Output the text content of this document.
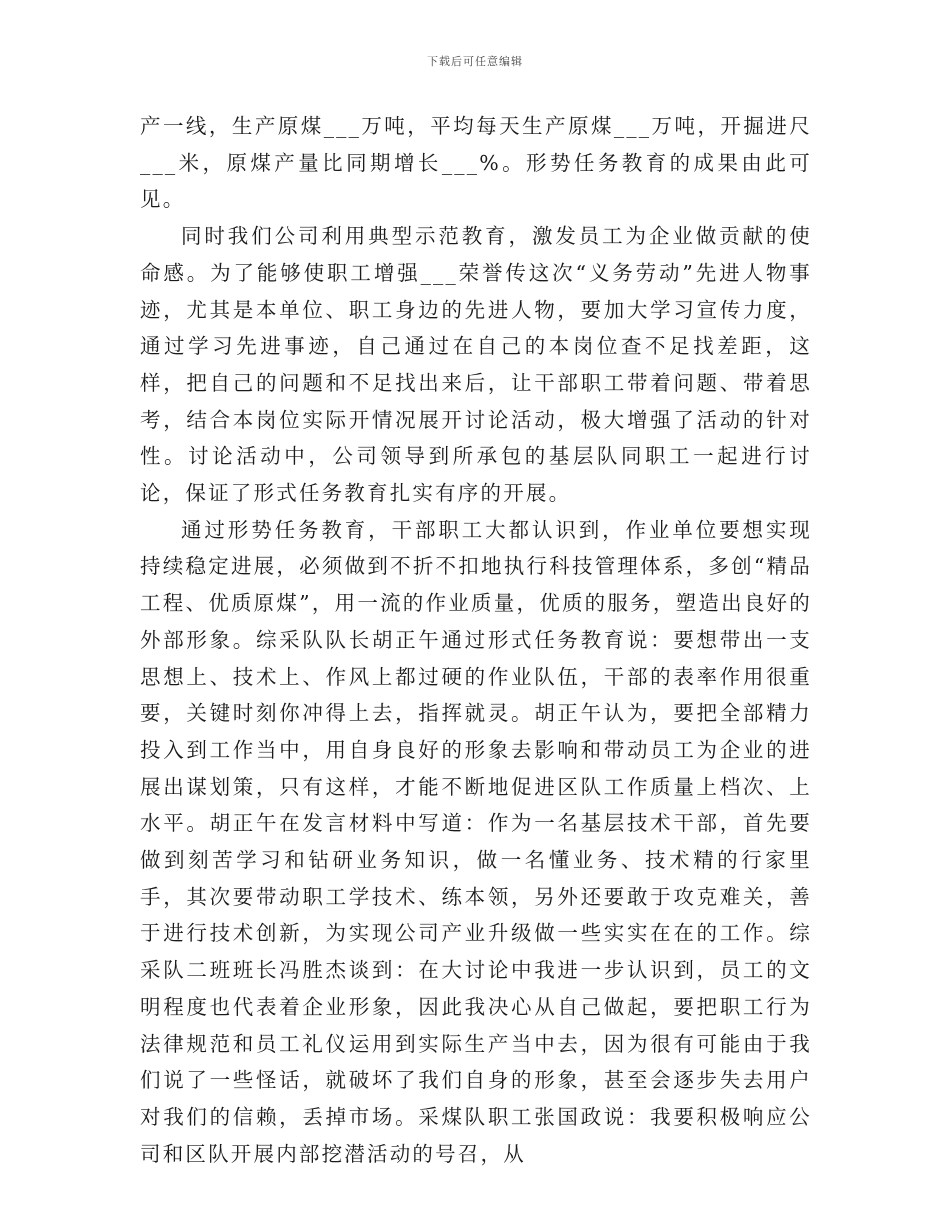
下载后可任意编辑

产一线，生产原煤___万吨，平均每天生产原煤___万吨，开掘进尺___米，原煤产量比同期增长___%。形势任务教育的成果由此可见。

同时我们公司利用典型示范教育，激发员工为企业做贡献的使命感。为了能够使职工增强___荣誉传这次“义务劳动”先进人物事迹，尤其是本单位、职工身边的先进人物，要加大学习宣传力度，通过学习先进事迹，自己通过在自己的本岗位查不足找差距，这样，把自己的问题和不足找出来后，让干部职工带着问题、带着思考，结合本岗位实际开情况展开讨论活动，极大增强了活动的针对性。讨论活动中，公司领导到所承包的基层队同职工一起进行讨论，保证了形式任务教育扎实有序的开展。

通过形势任务教育，干部职工大都认识到，作业单位要想实现持续稳定进展，必须做到不折不扣地执行科技管理体系，多创“精品工程、优质原煤”，用一流的作业质量，优质的服务，塑造出良好的外部形象。综采队队长胡正午通过形式任务教育说：要想带出一支思想上、技术上、作风上都过硬的作业队伍，干部的表率作用很重要，关键时刻你冲得上去，指挥就灵。胡正午认为，要把全部精力投入到工作当中，用自身良好的形象去影响和带动员工为企业的进展出谋划策，只有这样，才能不断地促进区队工作质量上档次、上水平。胡正午在发言材料中写道：作为一名基层技术干部，首先要做到刻苦学习和钻研业务知识，做一名懂业务、技术精的行家里手，其次要带动职工学技术、练本领，另外还要敢于攻克难关，善于进行技术创新，为实现公司产业升级做一些实实在在的工作。综采队二班班长冯胜杰谈到：在大讨论中我进一步认识到，员工的文明程度也代表着企业形象，因此我决心从自己做起，要把职工行为法律规范和员工礼仪运用到实际生产当中去，因为很有可能由于我们说了一些怪话，就破坏了我们自身的形象，甚至会逐步失去用户对我们的信赖，丢掉市场。采煤队职工张国政说：我要积极响应公司和区队开展内部挖潜活动的号召，从
